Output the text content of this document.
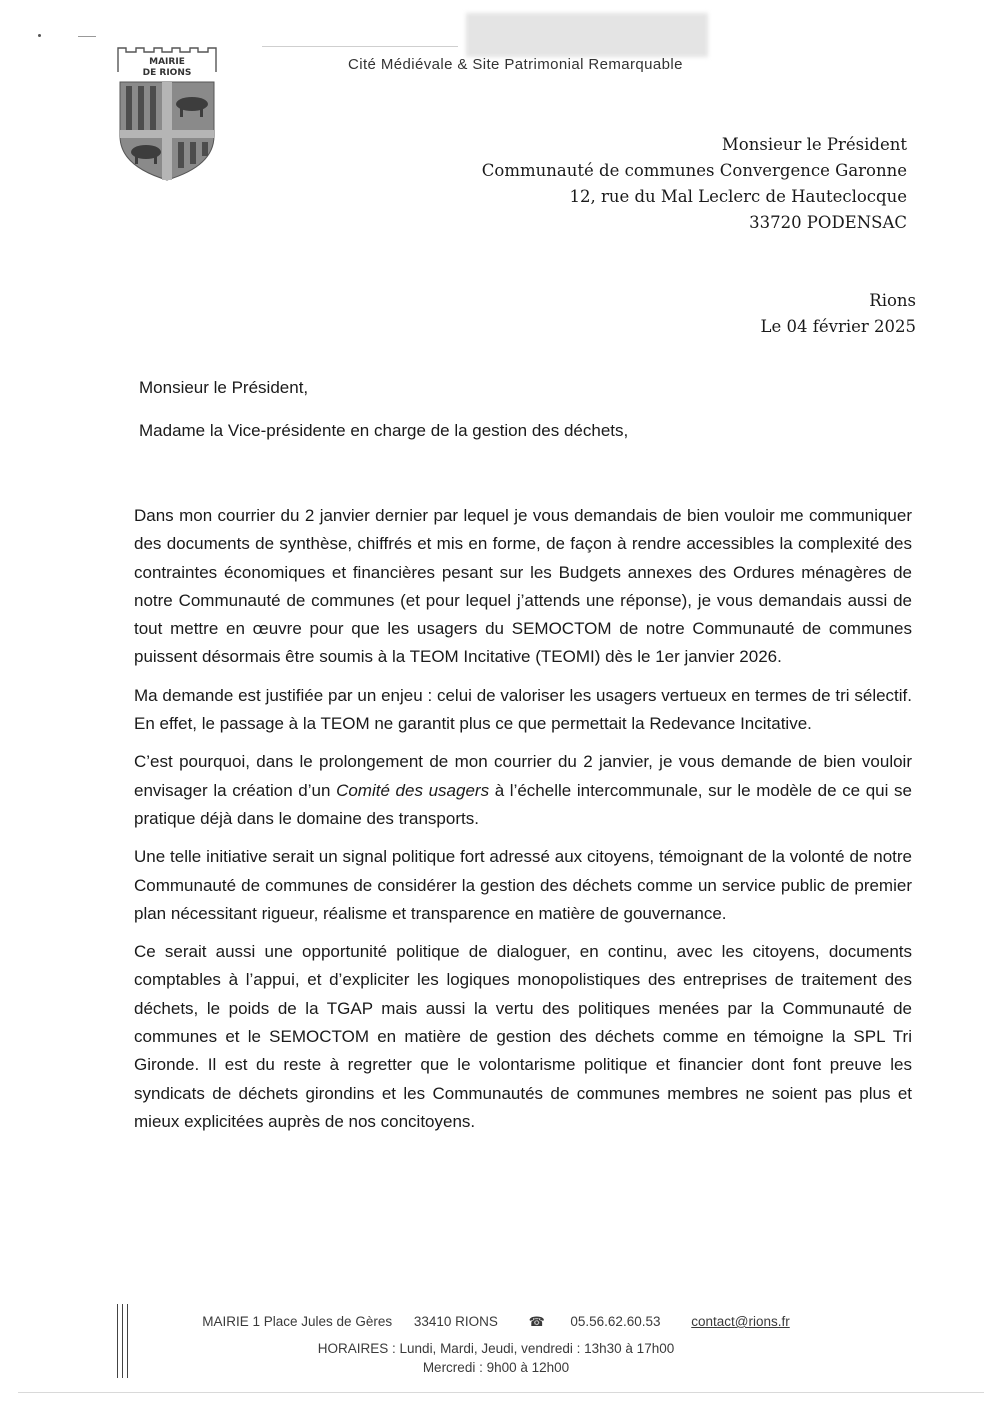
MAIRIE
DE RIONS	Cité Médiévale & Site Patrimonial Remarquable
Monsieur le Président
Communauté de communes Convergence Garonne
12, rue du Mal Leclerc de Hauteclocque
33720 PODENSAC
Rions
Le 04 février 2025
Monsieur le Président,
Madame la Vice-présidente en charge de la gestion des déchets,

Dans mon courrier du 2 janvier dernier par lequel je vous demandais de bien vouloir me communiquer des documents de synthèse, chiffrés et mis en forme, de façon à rendre accessibles la complexité des contraintes économiques et financières pesant sur les Budgets annexes des Ordures ménagères de notre Communauté de communes (et pour lequel j’attends une réponse), je vous demandais aussi de tout mettre en œuvre pour que les usagers du SEMOCTOM de notre Communauté de communes puissent désormais être soumis à la TEOM Incitative (TEOMI) dès le 1er janvier 2026.

Ma demande est justifiée par un enjeu : celui de valoriser les usagers vertueux en termes de tri sélectif. En effet, le passage à la TEOM ne garantit plus ce que permettait la Redevance Incitative.

C’est pourquoi, dans le prolongement de mon courrier du 2 janvier, je vous demande de bien vouloir envisager la création d’un Comité des usagers à l’échelle intercommunale, sur le modèle de ce qui se pratique déjà dans le domaine des transports.

Une telle initiative serait un signal politique fort adressé aux citoyens, témoignant de la volonté de notre Communauté de communes de considérer la gestion des déchets comme un service public de premier plan nécessitant rigueur, réalisme et transparence en matière de gouvernance.

Ce serait aussi une opportunité politique de dialoguer, en continu, avec les citoyens, documents comptables à l’appui, et d’expliciter les logiques monopolistiques des entreprises de traitement des déchets, le poids de la TGAP mais aussi la vertu des politiques menées par la Communauté de communes et le SEMOCTOM en matière de gestion des déchets comme en témoigne la SPL Tri Gironde. Il est du reste à regretter que le volontarisme politique et financier dont font preuve les syndicats de déchets girondins et les Communautés de communes membres ne soient pas plus et mieux explicitées auprès de nos concitoyens.

MAIRIE 1 Place Jules de Gères 33410 RIONS ☎ 05.56.62.60.53 contact@rions.fr
HORAIRES : Lundi, Mardi, Jeudi, vendredi : 13h30 à 17h00
Mercredi : 9h00 à 12h00
